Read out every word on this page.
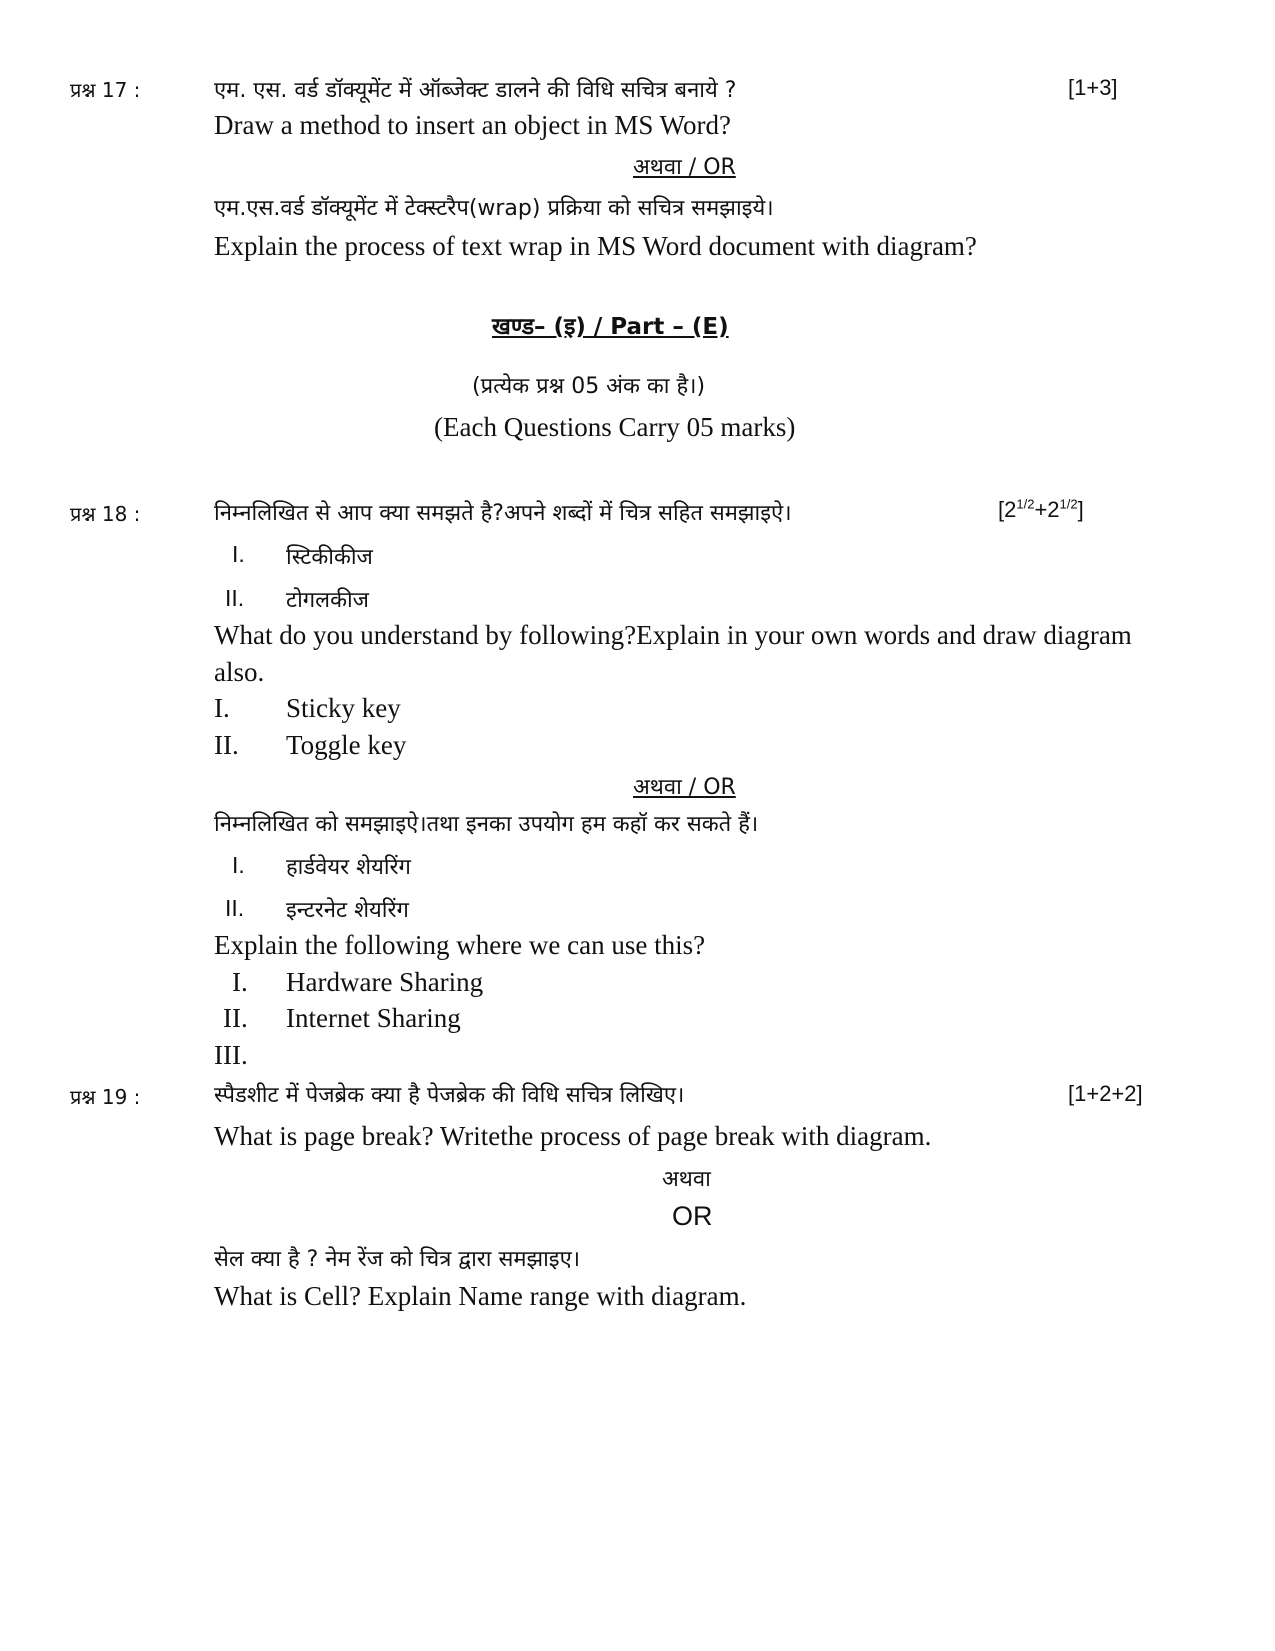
प्रश्न 17 :	एम. एस. वर्ड डॉक्यूमेंट में ऑब्जेक्ट डालने की विधि सचित्र बनाये ?	[1+3]
Draw a method to insert an object in MS Word?
अथवा / OR
एम.एस.वर्ड डॉक्यूमेंट में टेक्स्टरैप(wrap) प्रक्रिया को सचित्र समझाइये।
Explain the process of text wrap in MS Word document with diagram?
खण्ड– (इ) / Part – (E)
(प्रत्येक प्रश्न 05 अंक का है।)
(Each Questions Carry 05 marks)
प्रश्न 18 :	निम्नलिखित से आप क्या समझते है?अपने शब्दों में चित्र सहित समझाइऐ।	$[2^{1/2}+2^{1/2}]$
I. स्टिकीकीज
II. टोगलकीज
What do you understand by following?Explain in your own words and draw diagram
also.
I. Sticky key
II. Toggle key
अथवा / OR
निम्नलिखित को समझाइऐ।तथा इनका उपयोग हम कहॉ कर सकते हैं।
I. हार्डवेयर शेयरिंग
II. इन्टरनेट शेयरिंग
Explain the following where we can use this?
I. Hardware Sharing
II. Internet Sharing
III.
प्रश्न 19 :	स्पैडशीट में पेजब्रेक क्या है पेजब्रेक की विधि सचित्र लिखिए।	[1+2+2]
What is page break? Writethe process of page break with diagram.
अथवा
OR
सेल क्या है ? नेम रेंज को चित्र द्वारा समझाइए।
What is Cell? Explain Name range with diagram.
